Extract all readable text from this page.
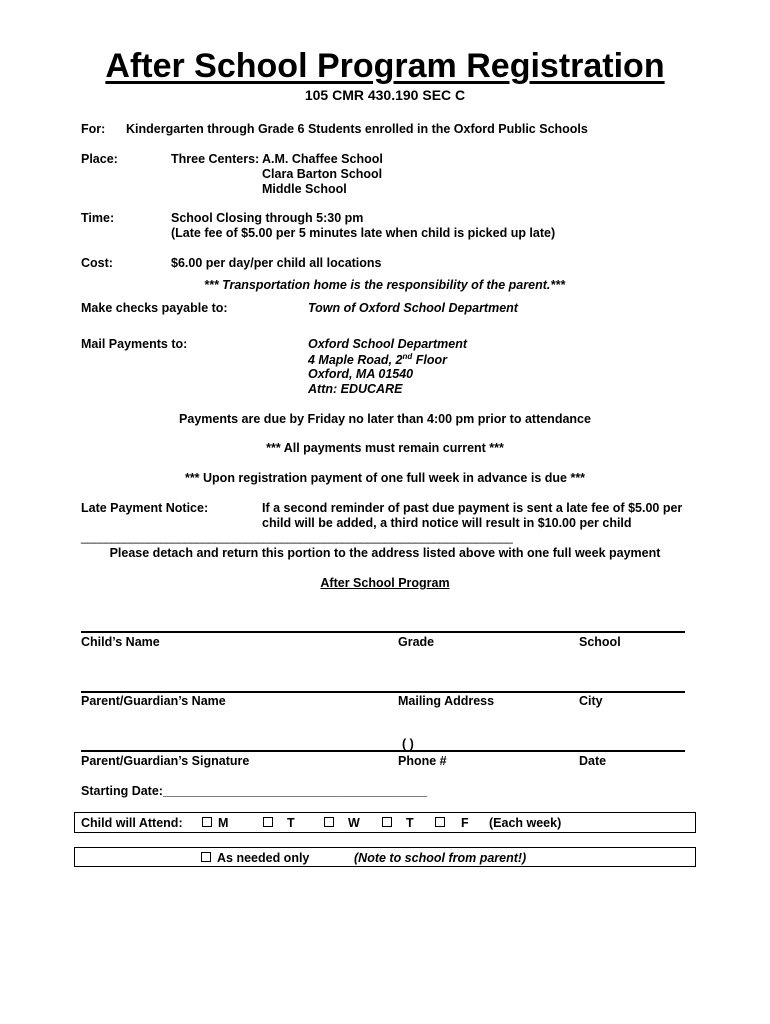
After School Program Registration
105 CMR 430.190 SEC C
For: Kindergarten through Grade 6 Students enrolled in the Oxford Public Schools
Place:	Three Centers: A.M. Chaffee School
Clara Barton School
Middle School
Time:	School Closing through 5:30 pm
(Late fee of $5.00 per 5 minutes late when child is picked up late)
Cost:	$6.00 per day/per child all locations
*** Transportation home is the responsibility of the parent.***
Make checks payable to:	Town of Oxford School Department
Mail Payments to:	Oxford School Department
4 Maple Road, 2nd Floor
Oxford, MA 01540
Attn: EDUCARE
Payments are due by Friday no later than 4:00 pm prior to attendance
*** All payments must remain current ***
*** Upon registration payment of one full week in advance is due ***
Late Payment Notice:	If a second reminder of past due payment is sent a late fee of $5.00 per
child will be added, a third notice will result in $10.00 per child
_______________________________________________________________________
Please detach and return this portion to the address listed above with one full week payment
After School Program
Child’s Name	Grade	School
Parent/Guardian’s Name	Mailing Address	City
( )
Parent/Guardian’s Signature	Phone #	Date
Starting Date:______________________________________
Child will Attend:	M	T	W	T	F (Each week)
As needed only	(Note to school from parent!)
